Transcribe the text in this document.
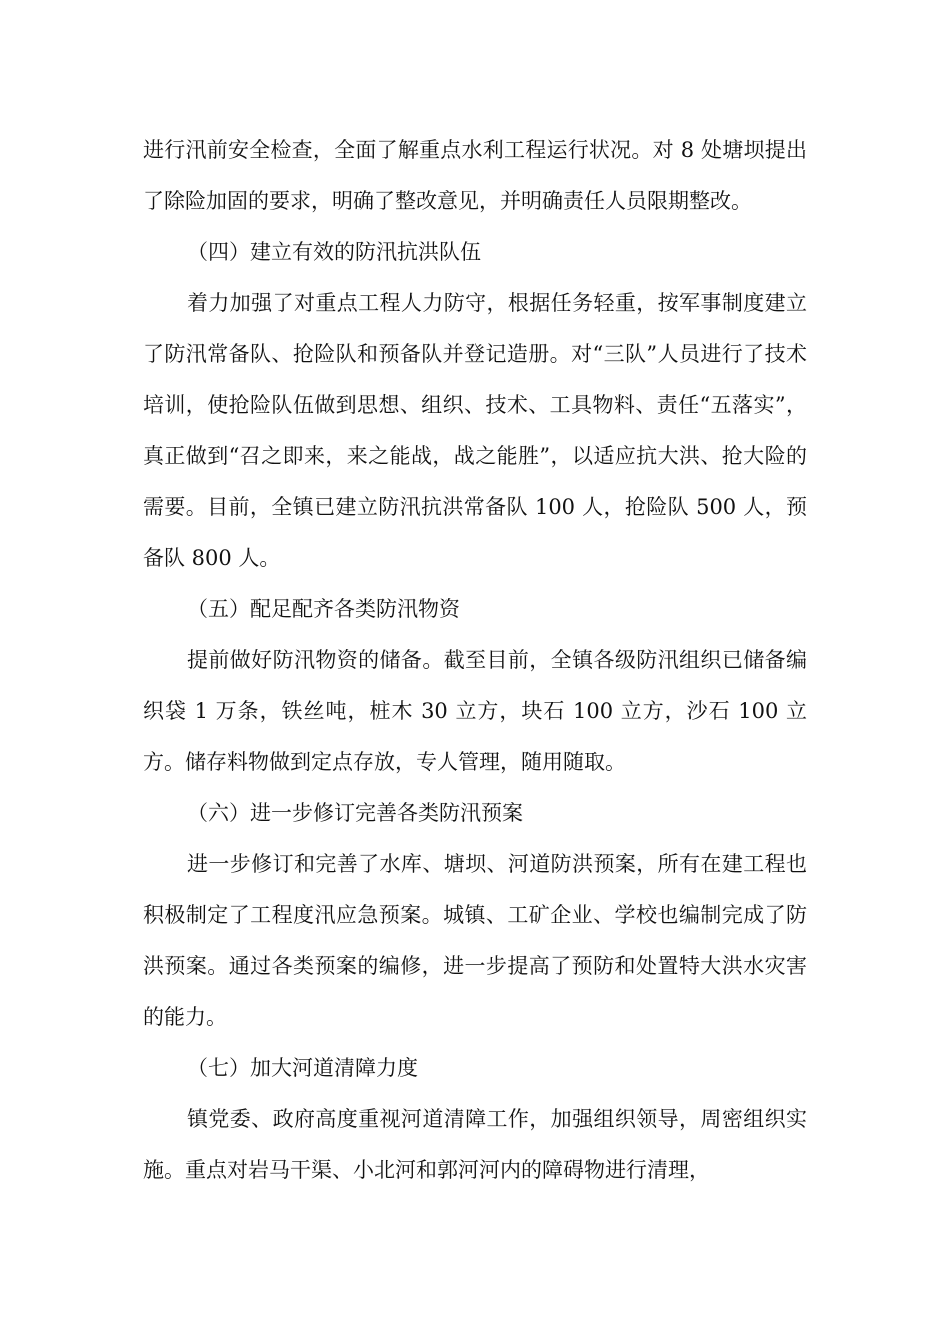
进行汛前安全检查，全面了解重点水利工程运行状况。对 8 处塘坝提出了除险加固的要求，明确了整改意见，并明确责任人员限期整改。

（四）建立有效的防汛抗洪队伍

着力加强了对重点工程人力防守，根据任务轻重，按军事制度建立了防汛常备队、抢险队和预备队并登记造册。对“三队”人员进行了技术培训，使抢险队伍做到思想、组织、技术、工具物料、责任“五落实”，真正做到“召之即来，来之能战，战之能胜”，以适应抗大洪、抢大险的需要。目前，全镇已建立防汛抗洪常备队 100 人，抢险队 500 人，预备队 800 人。

（五）配足配齐各类防汛物资

提前做好防汛物资的储备。截至目前，全镇各级防汛组织已储备编织袋 1 万条，铁丝吨，桩木 30 立方，块石 100 立方，沙石 100 立方。储存料物做到定点存放，专人管理，随用随取。

（六）进一步修订完善各类防汛预案

进一步修订和完善了水库、塘坝、河道防洪预案，所有在建工程也积极制定了工程度汛应急预案。城镇、工矿企业、学校也编制完成了防洪预案。通过各类预案的编修，进一步提高了预防和处置特大洪水灾害的能力。

（七）加大河道清障力度

镇党委、政府高度重视河道清障工作，加强组织领导，周密组织实施。重点对岩马干渠、小北河和郭河河内的障碍物进行清理，
